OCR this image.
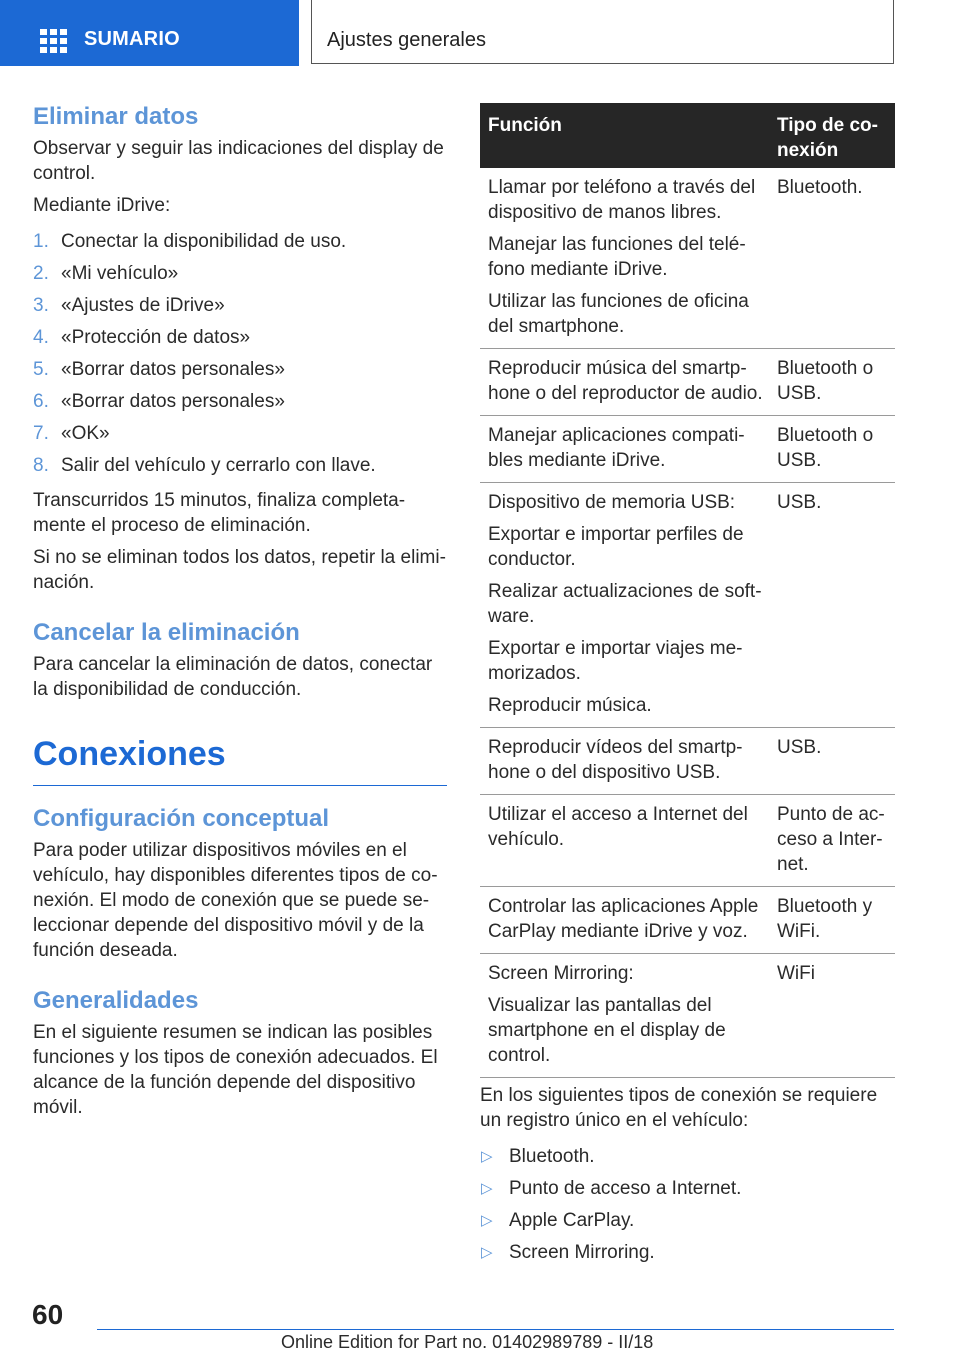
SUMARIO	Ajustes generales
Eliminar datos

Observar y seguir las indicaciones del display de control.

Mediante iDrive:

1. Conectar la disponibilidad de uso.
2. «Mi vehículo»
3. «Ajustes de iDrive»
4. «Protección de datos»
5. «Borrar datos personales»
6. «Borrar datos personales»
7. «OK»
8. Salir del vehículo y cerrarlo con llave.

Transcurridos 15 minutos, finaliza completa-mente el proceso de eliminación.

Si no se eliminan todos los datos, repetir la elimi-nación.

Cancelar la eliminación

Para cancelar la eliminación de datos, conectar la disponibilidad de conducción.

Conexiones
Configuración conceptual

Para poder utilizar dispositivos móviles en el vehículo, hay disponibles diferentes tipos de co-nexión. El modo de conexión que se puede se-leccionar depende del dispositivo móvil y de la función deseada.

Generalidades

En el siguiente resumen se indican las posibles funciones y los tipos de conexión adecuados. El alcance de la función depende del dispositivo móvil.

Función	Tipo de co-nexión
Llamar por teléfono a través del dispositivo de manos libres.
Manejar las funciones del telé-fono mediante iDrive.
Utilizar las funciones de oficina del smartphone.
Bluetooth.
Reproducir música del smartp-hone o del reproductor de audio.
Bluetooth o USB.
Manejar aplicaciones compati-bles mediante iDrive.
Bluetooth o USB.
Dispositivo de memoria USB:
Exportar e importar perfiles de conductor.
Realizar actualizaciones de soft-ware.
Exportar e importar viajes me-morizados.
Reproducir música.
USB.
Reproducir vídeos del smartp-hone o del dispositivo USB.
USB.
Utilizar el acceso a Internet del vehículo.
Punto de ac-ceso a Inter-net.
Controlar las aplicaciones Apple CarPlay mediante iDrive y voz.
Bluetooth y WiFi.
Screen Mirroring:
Visualizar las pantallas del smartphone en el display de control.
WiFi

En los siguientes tipos de conexión se requiere un registro único en el vehículo:

▷ Bluetooth.
▷ Punto de acceso a Internet.
▷ Apple CarPlay.
▷ Screen Mirroring.
60
Online Edition for Part no. 01402989789 - II/18
